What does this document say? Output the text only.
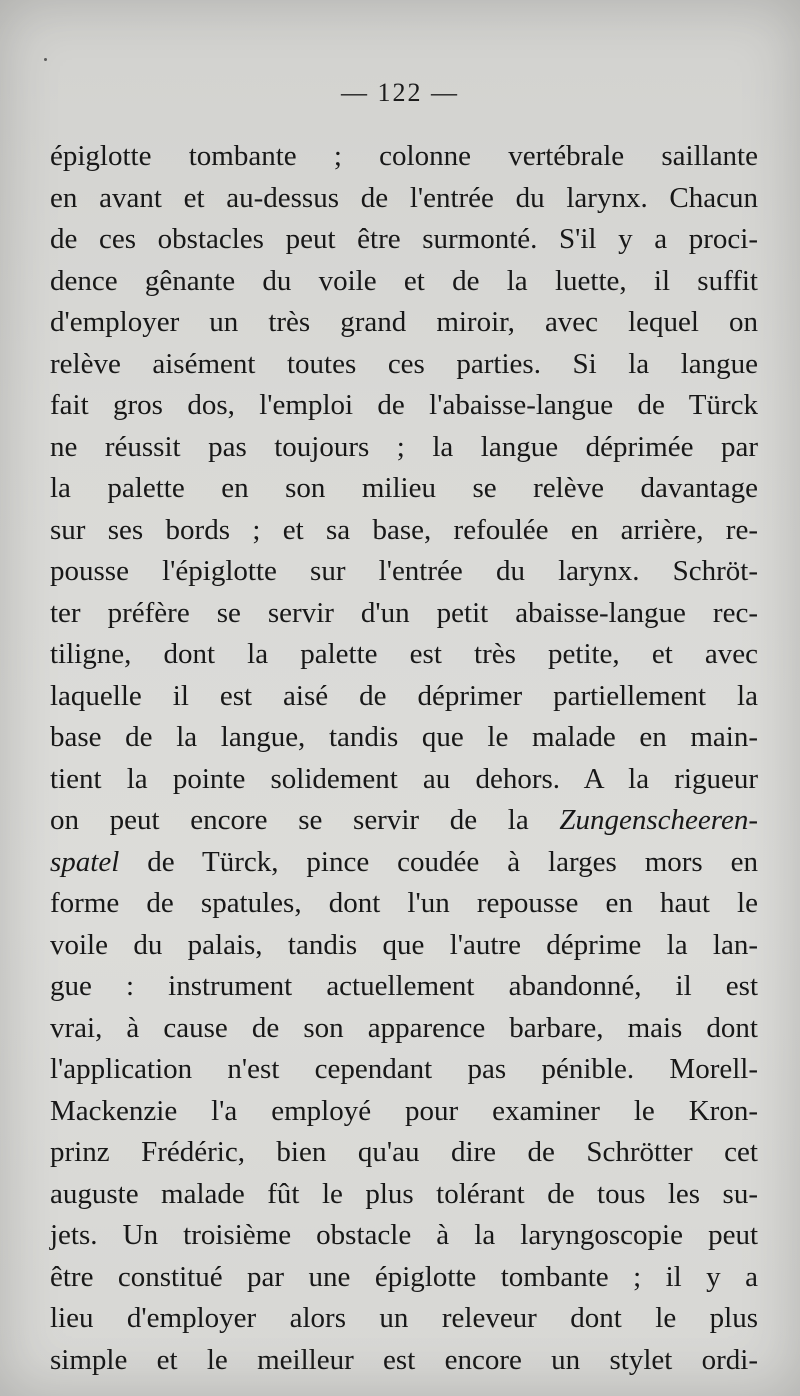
— 122 —
épiglotte tombante ; colonne vertébrale saillante
en avant et au-dessus de l'entrée du larynx. Chacun
de ces obstacles peut être surmonté. S'il y a proci-
dence gênante du voile et de la luette, il suffit
d'employer un très grand miroir, avec lequel on
relève aisément toutes ces parties. Si la langue
fait gros dos, l'emploi de l'abaisse-langue de Türck
ne réussit pas toujours ; la langue déprimée par
la palette en son milieu se relève davantage
sur ses bords ; et sa base, refoulée en arrière, re-
pousse l'épiglotte sur l'entrée du larynx. Schröt-
ter préfère se servir d'un petit abaisse-langue rec-
tiligne, dont la palette est très petite, et avec
laquelle il est aisé de déprimer partiellement la
base de la langue, tandis que le malade en main-
tient la pointe solidement au dehors. A la rigueur
on peut encore se servir de la Zungenscheeren-
spatel de Türck, pince coudée à larges mors en
forme de spatules, dont l'un repousse en haut le
voile du palais, tandis que l'autre déprime la lan-
gue : instrument actuellement abandonné, il est
vrai, à cause de son apparence barbare, mais dont
l'application n'est cependant pas pénible. Morell-
Mackenzie l'a employé pour examiner le Kron-
prinz Frédéric, bien qu'au dire de Schrötter cet
auguste malade fût le plus tolérant de tous les su-
jets. Un troisième obstacle à la laryngoscopie peut
être constitué par une épiglotte tombante ; il y a
lieu d'employer alors un releveur dont le plus
simple et le meilleur est encore un stylet ordi-
